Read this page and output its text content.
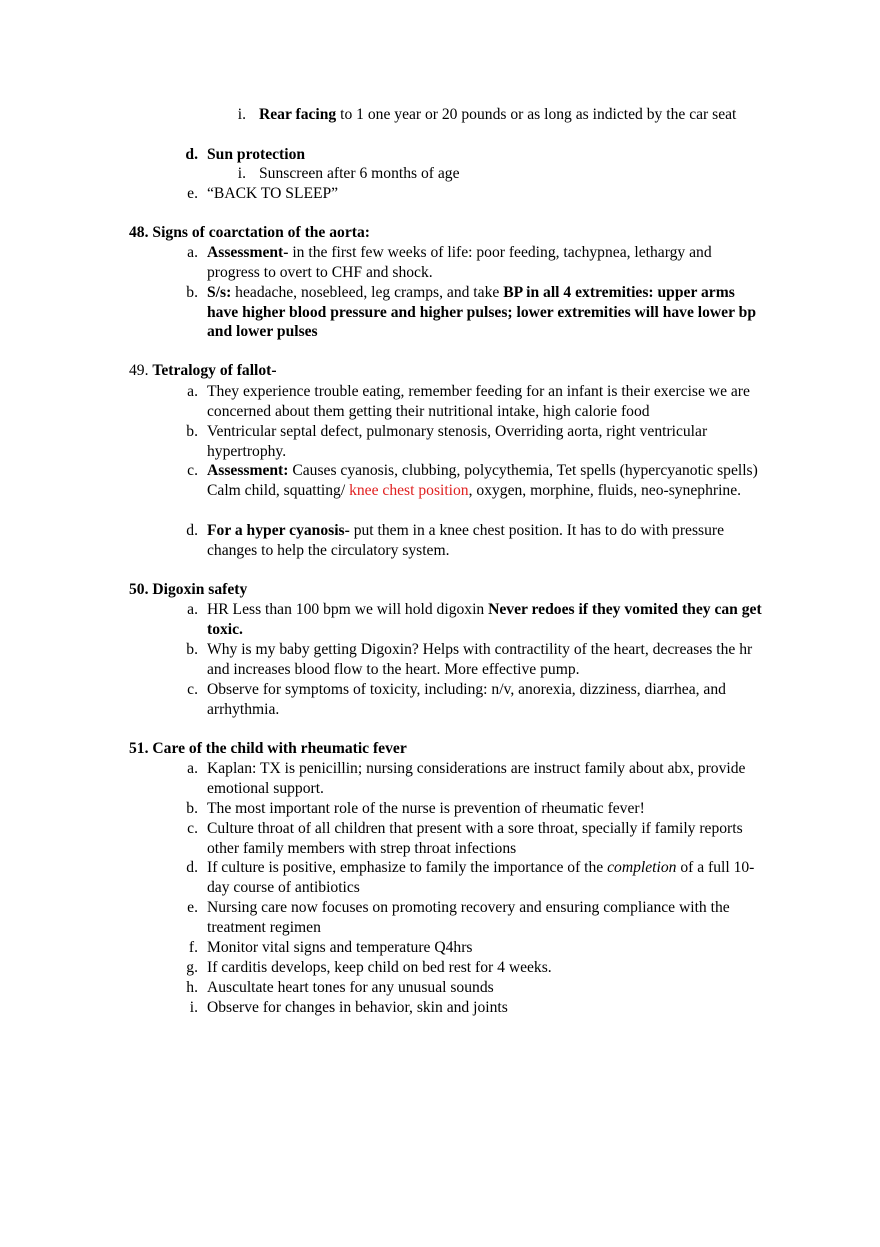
i. Rear facing to 1 one year or 20 pounds or as long as indicted by the car seat
d. Sun protection
i. Sunscreen after 6 months of age
e. “BACK TO SLEEP”
48. Signs of coarctation of the aorta:
a. Assessment- in the first few weeks of life: poor feeding, tachypnea, lethargy and progress to overt to CHF and shock.
b. S/s: headache, nosebleed, leg cramps, and take BP in all 4 extremities: upper arms have higher blood pressure and higher pulses; lower extremities will have lower bp and lower pulses
49. Tetralogy of fallot-
a. They experience trouble eating, remember feeding for an infant is their exercise we are concerned about them getting their nutritional intake, high calorie food
b. Ventricular septal defect, pulmonary stenosis, Overriding aorta, right ventricular hypertrophy.
c. Assessment: Causes cyanosis, clubbing, polycythemia, Tet spells (hypercyanotic spells) Calm child, squatting/ knee chest position, oxygen, morphine, fluids, neo-synephrine.
d. For a hyper cyanosis- put them in a knee chest position. It has to do with pressure changes to help the circulatory system.
50. Digoxin safety
a. HR Less than 100 bpm we will hold digoxin Never redoes if they vomited they can get toxic.
b. Why is my baby getting Digoxin? Helps with contractility of the heart, decreases the hr and increases blood flow to the heart. More effective pump.
c. Observe for symptoms of toxicity, including: n/v, anorexia, dizziness, diarrhea, and arrhythmia.
51. Care of the child with rheumatic fever
a. Kaplan: TX is penicillin; nursing considerations are instruct family about abx, provide emotional support.
b. The most important role of the nurse is prevention of rheumatic fever!
c. Culture throat of all children that present with a sore throat, specially if family reports other family members with strep throat infections
d. If culture is positive, emphasize to family the importance of the completion of a full 10-day course of antibiotics
e. Nursing care now focuses on promoting recovery and ensuring compliance with the treatment regimen
f. Monitor vital signs and temperature Q4hrs
g. If carditis develops, keep child on bed rest for 4 weeks.
h. Auscultate heart tones for any unusual sounds
i. Observe for changes in behavior, skin and joints
